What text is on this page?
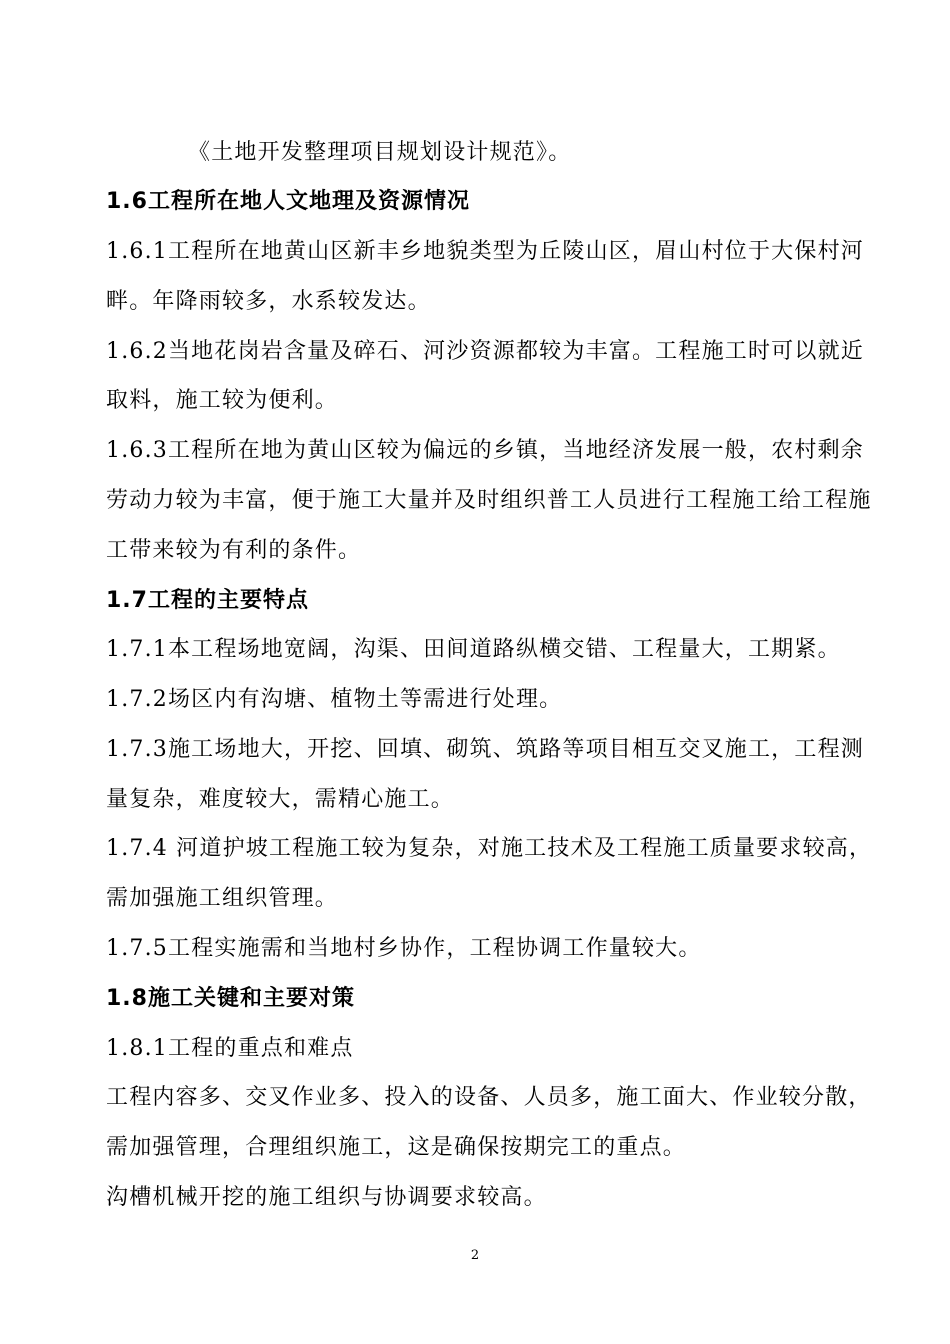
《土地开发整理项目规划设计规范》。
1.6工程所在地人文地理及资源情况
1.6.1工程所在地黄山区新丰乡地貌类型为丘陵山区，眉山村位于大保村河
畔。年降雨较多，水系较发达。
1.6.2当地花岗岩含量及碎石、河沙资源都较为丰富。工程施工时可以就近
取料，施工较为便利。
1.6.3工程所在地为黄山区较为偏远的乡镇，当地经济发展一般，农村剩余
劳动力较为丰富，便于施工大量并及时组织普工人员进行工程施工给工程施
工带来较为有利的条件。
1.7工程的主要特点
1.7.1本工程场地宽阔，沟渠、田间道路纵横交错、工程量大，工期紧。
1.7.2场区内有沟塘、植物土等需进行处理。
1.7.3施工场地大，开挖、回填、砌筑、筑路等项目相互交叉施工，工程测
量复杂，难度较大，需精心施工。
1.7.4 河道护坡工程施工较为复杂，对施工技术及工程施工质量要求较高，
需加强施工组织管理。
1.7.5工程实施需和当地村乡协作，工程协调工作量较大。
1.8施工关键和主要对策
1.8.1工程的重点和难点
工程内容多、交叉作业多、投入的设备、人员多，施工面大、作业较分散，
需加强管理，合理组织施工，这是确保按期完工的重点。
沟槽机械开挖的施工组织与协调要求较高。
2
